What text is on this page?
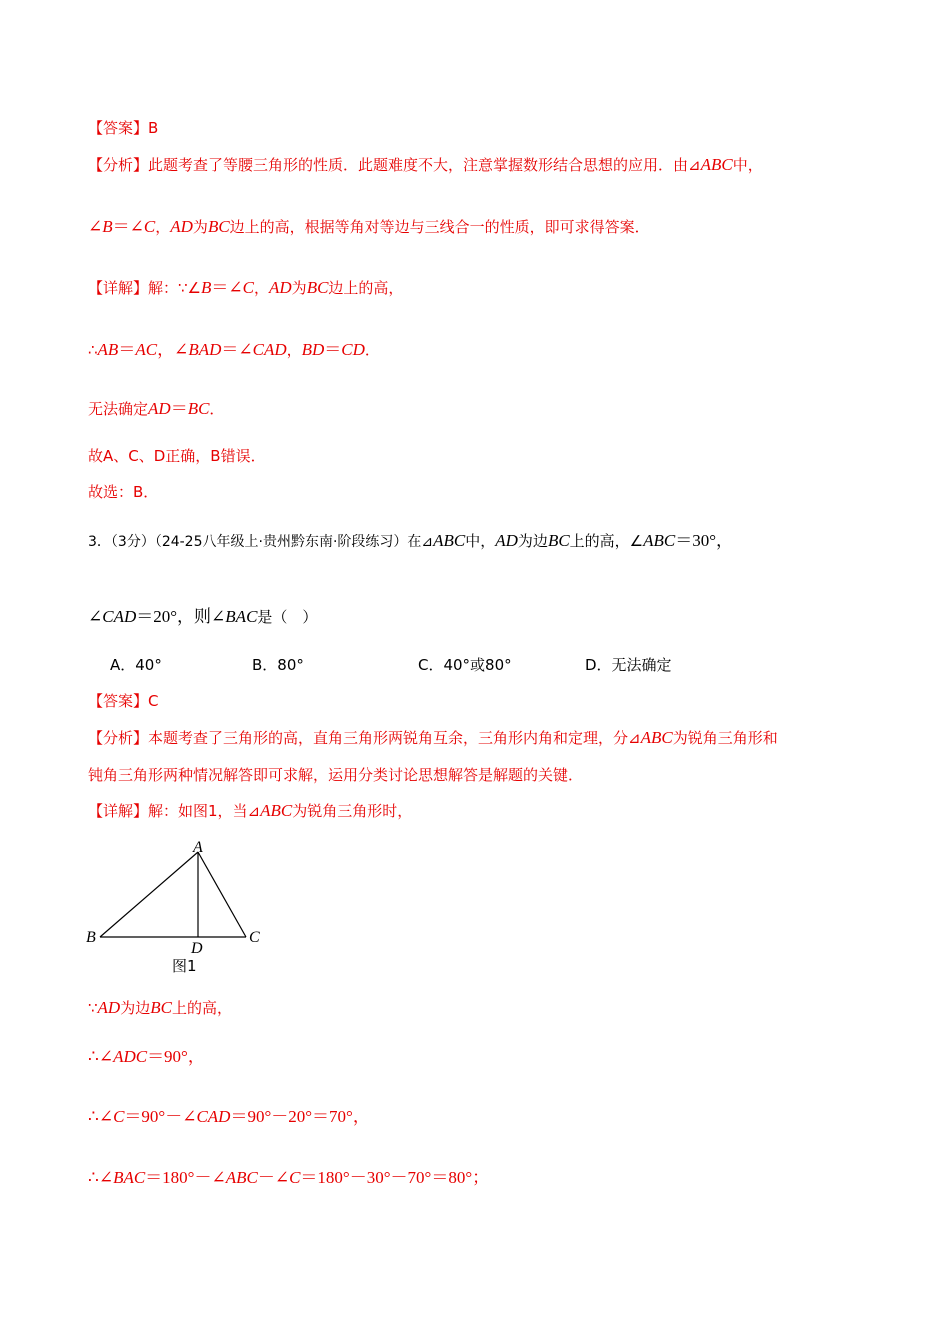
【答案】B
【分析】此题考查了等腰三角形的性质．此题难度不大，注意掌握数形结合思想的应用．由⊿ABC中，
∠B＝∠C，AD为BC边上的高，根据等角对等边与三线合一的性质，即可求得答案．
【详解】解：∵∠B＝∠C，AD为BC边上的高，
∴AB＝AC，∠BAD＝∠CAD，BD＝CD．
无法确定AD＝BC．
故A、C、D正确，B错误．
故选：B．
3．（3分）（24-25八年级上·贵州黔东南·阶段练习）在⊿ABC中，AD为边BC上的高，∠ABC＝30°，
∠CAD＝20°，则∠BAC是（　）
A．40°	B．80°	C．40°或80°	D．无法确定
【答案】C
【分析】本题考查了三角形的高，直角三角形两锐角互余，三角形内角和定理，分⊿ABC为锐角三角形和
钝角三角形两种情况解答即可求解，运用分类讨论思想解答是解题的关键．
【详解】解：如图1，当⊿ABC为锐角三角形时，
A
B	C
D
图1
∵AD为边BC上的高，
∴∠ADC＝90°，
∴∠C＝90°－∠CAD＝90°－20°＝70°，
∴∠BAC＝180°－∠ABC－∠C＝180°－30°－70°＝80°；
